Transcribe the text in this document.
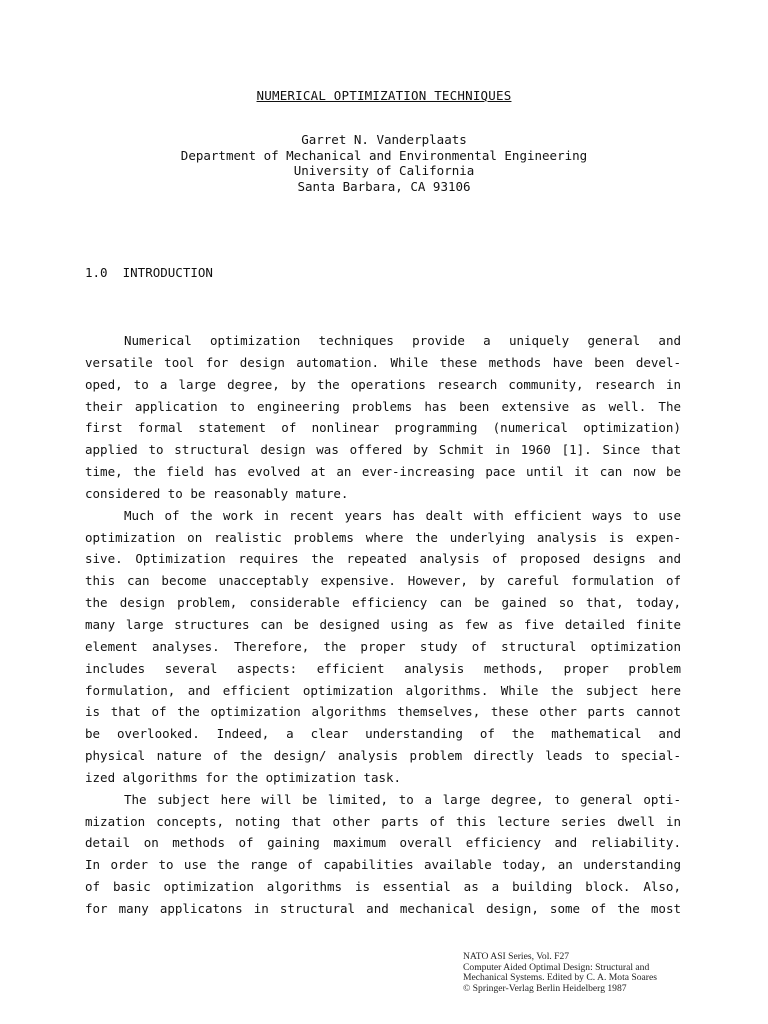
NUMERICAL OPTIMIZATION TECHNIQUES
Garret N. Vanderplaats
Department of Mechanical and Environmental Engineering
University of California
Santa Barbara, CA 93106
1.0  INTRODUCTION
Numerical optimization techniques provide a uniquely general and
versatile tool for design automation. While these methods have been devel-
oped, to a large degree, by the operations research community, research in
their application to engineering problems has been extensive as well. The
first formal statement of nonlinear programming (numerical optimization)
applied to structural design was offered by Schmit in 1960 [1]. Since that
time, the field has evolved at an ever-increasing pace until it can now be
considered to be reasonably mature.
Much of the work in recent years has dealt with efficient ways to use
optimization on realistic problems where the underlying analysis is expen-
sive. Optimization requires the repeated analysis of proposed designs and
this can become unacceptably expensive. However, by careful formulation of
the design problem, considerable efficiency can be gained so that, today,
many large structures can be designed using as few as five detailed finite
element analyses. Therefore, the proper study of structural optimization
includes several aspects: efficient analysis methods, proper problem
formulation, and efficient optimization algorithms. While the subject here
is that of the optimization algorithms themselves, these other parts cannot
be overlooked. Indeed, a clear understanding of the mathematical and
physical nature of the design/ analysis problem directly leads to special-
ized algorithms for the optimization task.
The subject here will be limited, to a large degree, to general opti-
mization concepts, noting that other parts of this lecture series dwell in
detail on methods of gaining maximum overall efficiency and reliability.
In order to use the range of capabilities available today, an understanding
of basic optimization algorithms is essential as a building block. Also,
for many applicatons in structural and mechanical design, some of the most
NATO ASI Series, Vol. F27
Computer Aided Optimal Design: Structural and
Mechanical Systems. Edited by C. A. Mota Soares
© Springer-Verlag Berlin Heidelberg 1987
